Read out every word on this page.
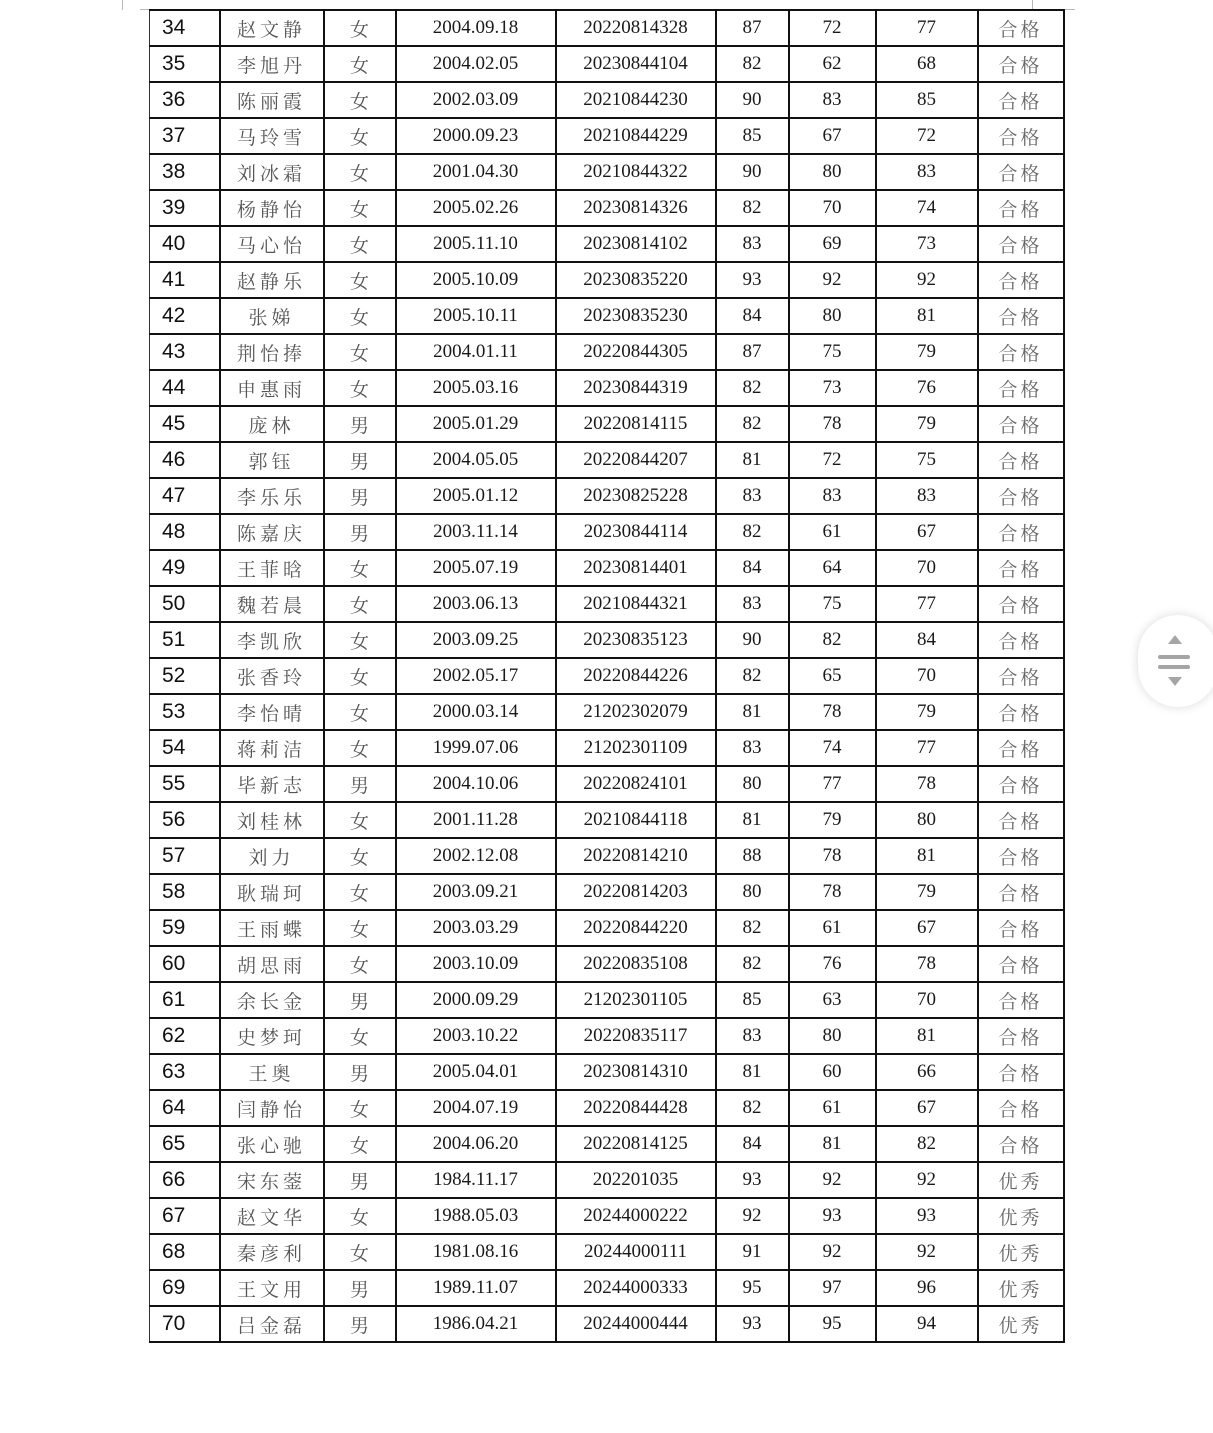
34	赵文静	女	2004.09.18	20220814328	87	72	77	合格
35	李旭丹	女	2004.02.05	20230844104	82	62	68	合格
36	陈丽霞	女	2002.03.09	20210844230	90	83	85	合格
37	马玲雪	女	2000.09.23	20210844229	85	67	72	合格
38	刘冰霜	女	2001.04.30	20210844322	90	80	83	合格
39	杨静怡	女	2005.02.26	20230814326	82	70	74	合格
40	马心怡	女	2005.11.10	20230814102	83	69	73	合格
41	赵静乐	女	2005.10.09	20230835220	93	92	92	合格
42	张娣	女	2005.10.11	20230835230	84	80	81	合格
43	荆怡捧	女	2004.01.11	20220844305	87	75	79	合格
44	申惠雨	女	2005.03.16	20230844319	82	73	76	合格
45	庞林	男	2005.01.29	20220814115	82	78	79	合格
46	郭钰	男	2004.05.05	20220844207	81	72	75	合格
47	李乐乐	男	2005.01.12	20230825228	83	83	83	合格
48	陈嘉庆	男	2003.11.14	20230844114	82	61	67	合格
49	王菲晗	女	2005.07.19	20230814401	84	64	70	合格
50	魏若晨	女	2003.06.13	20210844321	83	75	77	合格
51	李凯欣	女	2003.09.25	20230835123	90	82	84	合格
52	张香玲	女	2002.05.17	20220844226	82	65	70	合格
53	李怡晴	女	2000.03.14	21202302079	81	78	79	合格
54	蒋莉洁	女	1999.07.06	21202301109	83	74	77	合格
55	毕新志	男	2004.10.06	20220824101	80	77	78	合格
56	刘桂林	女	2001.11.28	20210844118	81	79	80	合格
57	刘力	女	2002.12.08	20220814210	88	78	81	合格
58	耿瑞珂	女	2003.09.21	20220814203	80	78	79	合格
59	王雨蝶	女	2003.03.29	20220844220	82	61	67	合格
60	胡思雨	女	2003.10.09	20220835108	82	76	78	合格
61	余长金	男	2000.09.29	21202301105	85	63	70	合格
62	史梦珂	女	2003.10.22	20220835117	83	80	81	合格
63	王奥	男	2005.04.01	20230814310	81	60	66	合格
64	闫静怡	女	2004.07.19	20220844428	82	61	67	合格
65	张心驰	女	2004.06.20	20220814125	84	81	82	合格
66	宋东蓥	男	1984.11.17	202201035	93	92	92	优秀
67	赵文华	女	1988.05.03	20244000222	92	93	93	优秀
68	秦彦利	女	1981.08.16	20244000111	91	92	92	优秀
69	王文用	男	1989.11.07	20244000333	95	97	96	优秀
70	吕金磊	男	1986.04.21	20244000444	93	95	94	优秀
